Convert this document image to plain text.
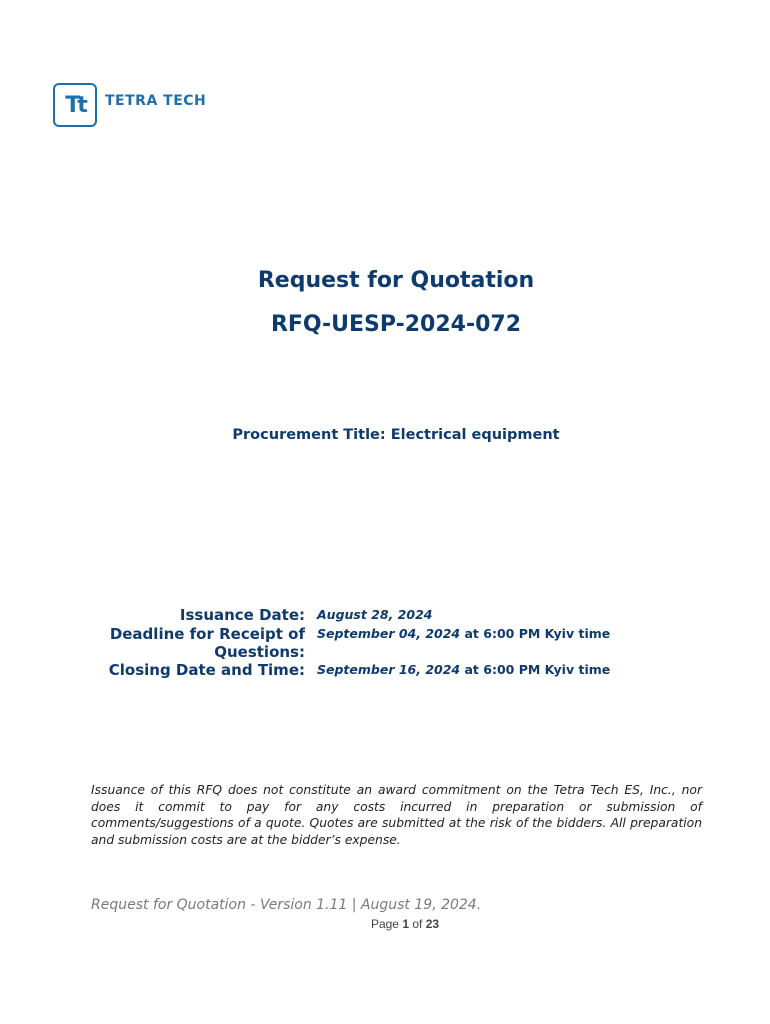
Tt	TETRA TECH
Request for Quotation
RFQ-UESP-2024-072
Procurement Title: Electrical equipment
Issuance Date: August 28, 2024
Deadline for Receipt of Questions:
September 04, 2024 at 6:00 PM Kyiv time
Closing Date and Time: September 16, 2024 at 6:00 PM Kyiv time
Issuance of this RFQ does not constitute an award commitment on the Tetra Tech ES, Inc., nor does it commit to pay for any costs incurred in preparation or submission of comments/suggestions of a quote. Quotes are submitted at the risk of the bidders. All preparation and submission costs are at the bidder’s expense.
Request for Quotation - Version 1.11 | August 19, 2024.
Page 1 of 23
